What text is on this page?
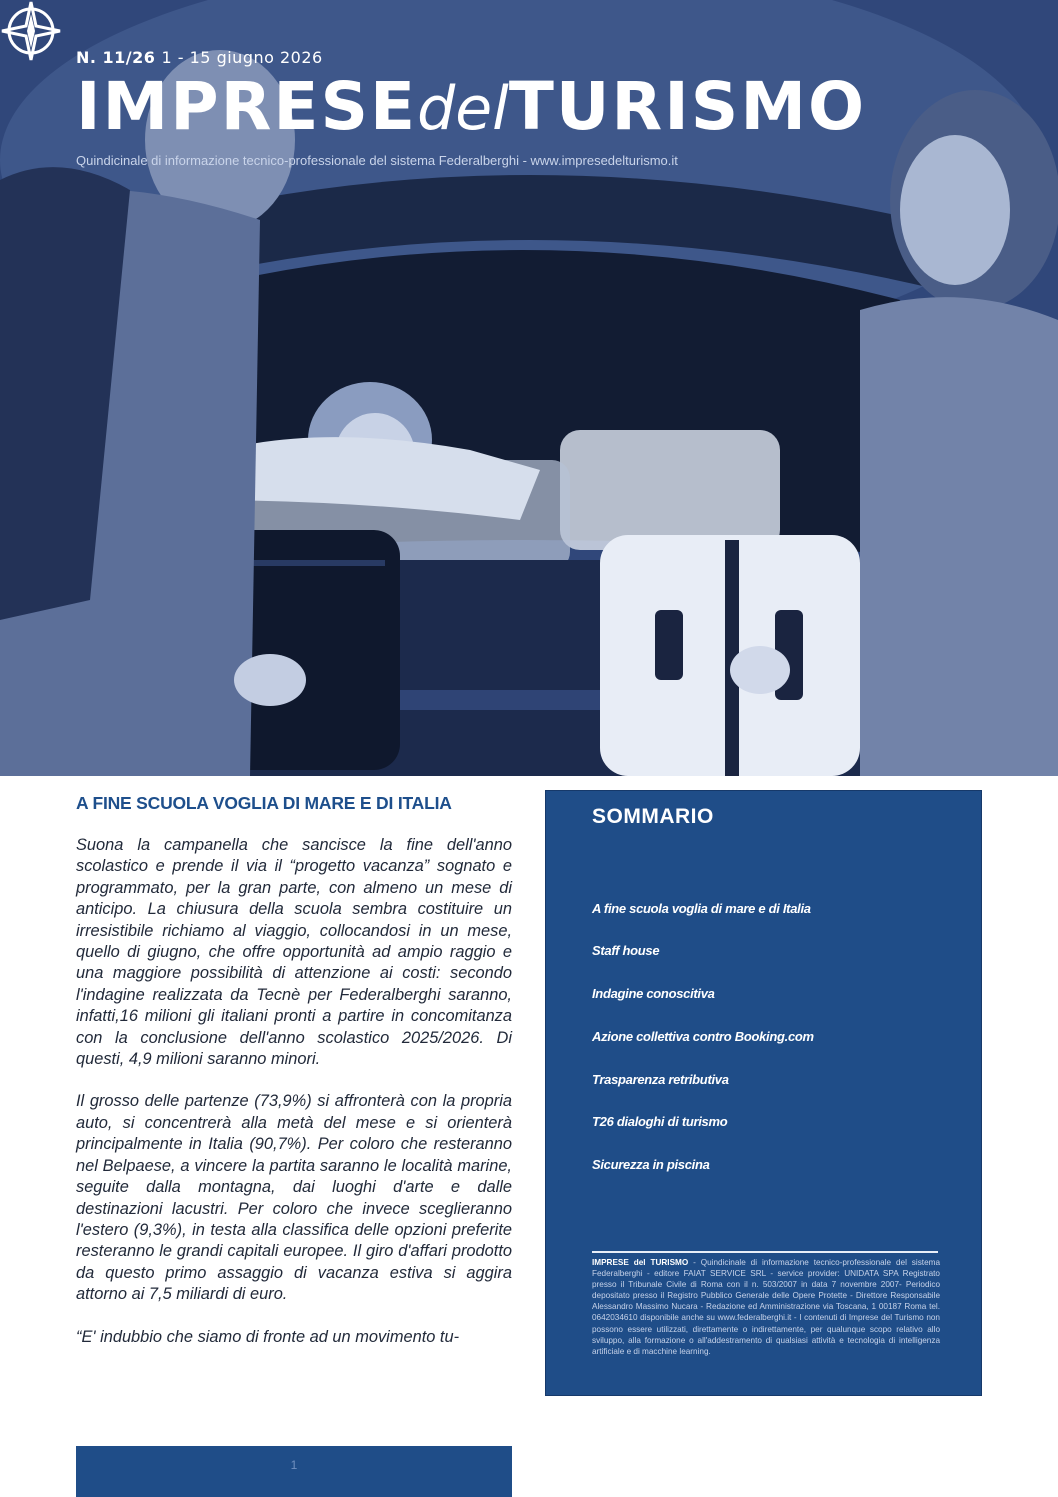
N. 11/26 1 - 15 giugno 2026
IMPRESEdelTURISMO
Quindicinale di informazione tecnico-professionale del sistema Federalberghi - www.impresedelturismo.it
A FINE SCUOLA VOGLIA DI MARE E DI ITALIA

Suona la campanella che sancisce la fine dell'anno scolastico e prende il via il “progetto vacanza” sognato e programmato, per la gran parte, con almeno un mese di anticipo. La chiusura della scuola sembra costituire un irresistibile richiamo al viaggio, collocandosi in un mese, quello di giugno, che offre opportunità ad ampio raggio e una maggiore possibilità di attenzione ai costi: secondo l'indagine realizzata da Tecnè per Federalberghi saranno, infatti,16 milioni gli italiani pronti a partire in concomitanza con la conclusione dell'anno scolastico 2025/2026. Di questi, 4,9 milioni saranno minori.

Il grosso delle partenze (73,9%) si affronterà con la propria auto, si concentrerà alla metà del mese e si orienterà principalmente in Italia (90,7%). Per coloro che resteranno nel Belpaese, a vincere la partita saranno le località marine, seguite dalla montagna, dai luoghi d'arte e dalle destinazioni lacustri. Per coloro che invece sceglieranno l'estero (9,3%), in testa alla classifica delle opzioni preferite resteranno le grandi capitali europee. Il giro d'affari prodotto da questo primo assaggio di vacanza estiva si aggira attorno ai 7,5 miliardi di euro.

“E' indubbio che siamo di fronte ad un movimento tu-

1
SOMMARIO
A fine scuola voglia di mare e di Italia
Staff house
Indagine conoscitiva
Azione collettiva contro Booking.com
Trasparenza retributiva
T26 dialoghi di turismo
Sicurezza in piscina
IMPRESE del TURISMO - Quindicinale di informazione tecnico-professionale del sistema Federalberghi - editore FAIAT SERVICE SRL - service provider: UNIDATA SPA Registrato presso il Tribunale Civile di Roma con il n. 503/2007 in data 7 novembre 2007- Periodico depositato presso il Registro Pubblico Generale delle Opere Protette - Direttore Responsabile Alessandro Massimo Nucara - Redazione ed Amministrazione via Toscana, 1 00187 Roma tel. 0642034610 disponibile anche su www.federalberghi.it - I contenuti di Imprese del Turismo non possono essere utilizzati, direttamente o indirettamente, per qualunque scopo relativo allo sviluppo, alla formazione o all'addestramento di qualsiasi attività e tecnologia di intelligenza artificiale e di macchine learning.
